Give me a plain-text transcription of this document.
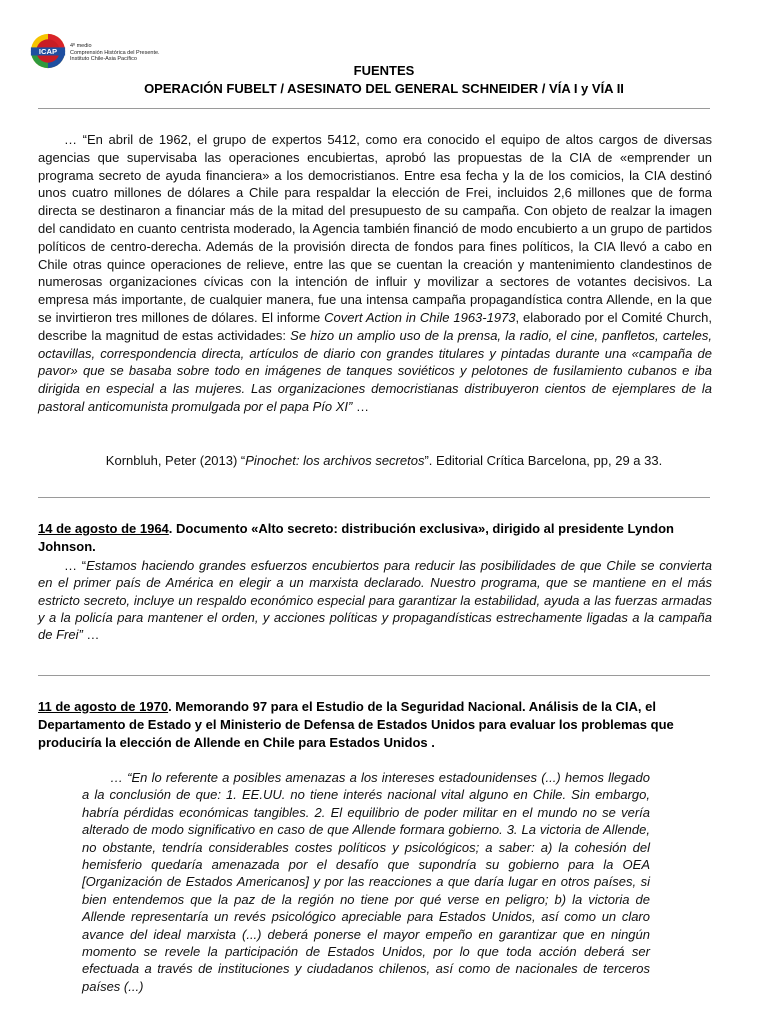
ICAP
4º medio
Comprensión Histórica del Presente.
Instituto Chile-Asia Pacífico
FUENTES
OPERACIÓN FUBELT / ASESINATO DEL GENERAL SCHNEIDER / VÍA I y VÍA II

… “En abril de 1962, el grupo de expertos 5412, como era conocido el equipo de altos cargos de diversas agencias que supervisaba las operaciones encubiertas, aprobó las propuestas de la CIA de «emprender un programa secreto de ayuda financiera» a los democristianos. Entre esa fecha y la de los comicios, la CIA destinó unos cuatro millones de dólares a Chile para respaldar la elección de Frei, incluidos 2,6 millones que de forma directa se destinaron a financiar más de la mitad del presupuesto de su campaña. Con objeto de realzar la imagen del candidato en cuanto centrista moderado, la Agencia también financió de modo encubierto a un grupo de partidos políticos de centro-derecha. Además de la provisión directa de fondos para fines políticos, la CIA llevó a cabo en Chile otras quince operaciones de relieve, entre las que se cuentan la creación y mantenimiento clandestinos de numerosas organizaciones cívicas con la intención de influir y movilizar a sectores de votantes decisivos. La empresa más importante, de cualquier manera, fue una intensa campaña propagandística contra Allende, en la que se invirtieron tres millones de dólares. El informe Covert Action in Chile 1963-1973, elaborado por el Comité Church, describe la magnitud de estas actividades: Se hizo un amplio uso de la prensa, la radio, el cine, panfletos, carteles, octavillas, correspondencia directa, artículos de diario con grandes titulares y pintadas durante una «campaña de pavor» que se basaba sobre todo en imágenes de tanques soviéticos y pelotones de fusilamiento cubanos e iba dirigida en especial a las mujeres. Las organizaciones democristianas distribuyeron cientos de ejemplares de la pastoral anticomunista promulgada por el papa Pío XI” …

Kornbluh, Peter (2013) “Pinochet: los archivos secretos”. Editorial Crítica Barcelona, pp, 29 a 33.

14 de agosto de 1964. Documento «Alto secreto: distribución exclusiva», dirigido al presidente Lyndon Johnson.

… “Estamos haciendo grandes esfuerzos encubiertos para reducir las posibilidades de que Chile se convierta en el primer país de América en elegir a un marxista declarado. Nuestro programa, que se mantiene en el más estricto secreto, incluye un respaldo económico especial para garantizar la estabilidad, ayuda a las fuerzas armadas y a la policía para mantener el orden, y acciones políticas y propagandísticas estrechamente ligadas a la campaña de Frei” …

11 de agosto de 1970. Memorando 97 para el Estudio de la Seguridad Nacional. Análisis de la CIA, el Departamento de Estado y el Ministerio de Defensa de Estados Unidos para evaluar los problemas que produciría la elección de Allende en Chile para Estados Unidos .

… “En lo referente a posibles amenazas a los intereses estadounidenses (...) hemos llegado a la conclusión de que: 1. EE.UU. no tiene interés nacional vital alguno en Chile. Sin embargo, habría pérdidas económicas tangibles. 2. El equilibrio de poder militar en el mundo no se vería alterado de modo significativo en caso de que Allende formara gobierno. 3. La victoria de Allende, no obstante, tendría considerables costes políticos y psicológicos; a saber: a) la cohesión del hemisferio quedaría amenazada por el desafío que supondría su gobierno para la OEA [Organización de Estados Americanos] y por las reacciones a que daría lugar en otros países, si bien entendemos que la paz de la región no tiene por qué verse en peligro; b) la victoria de Allende representaría un revés psicológico apreciable para Estados Unidos, así como un claro avance del ideal marxista (...) deberá ponerse el mayor empeño en garantizar que en ningún momento se revele la participación de Estados Unidos, por lo que toda acción deberá ser efectuada a través de instituciones y ciudadanos chilenos, así como de nacionales de terceros países (...)
